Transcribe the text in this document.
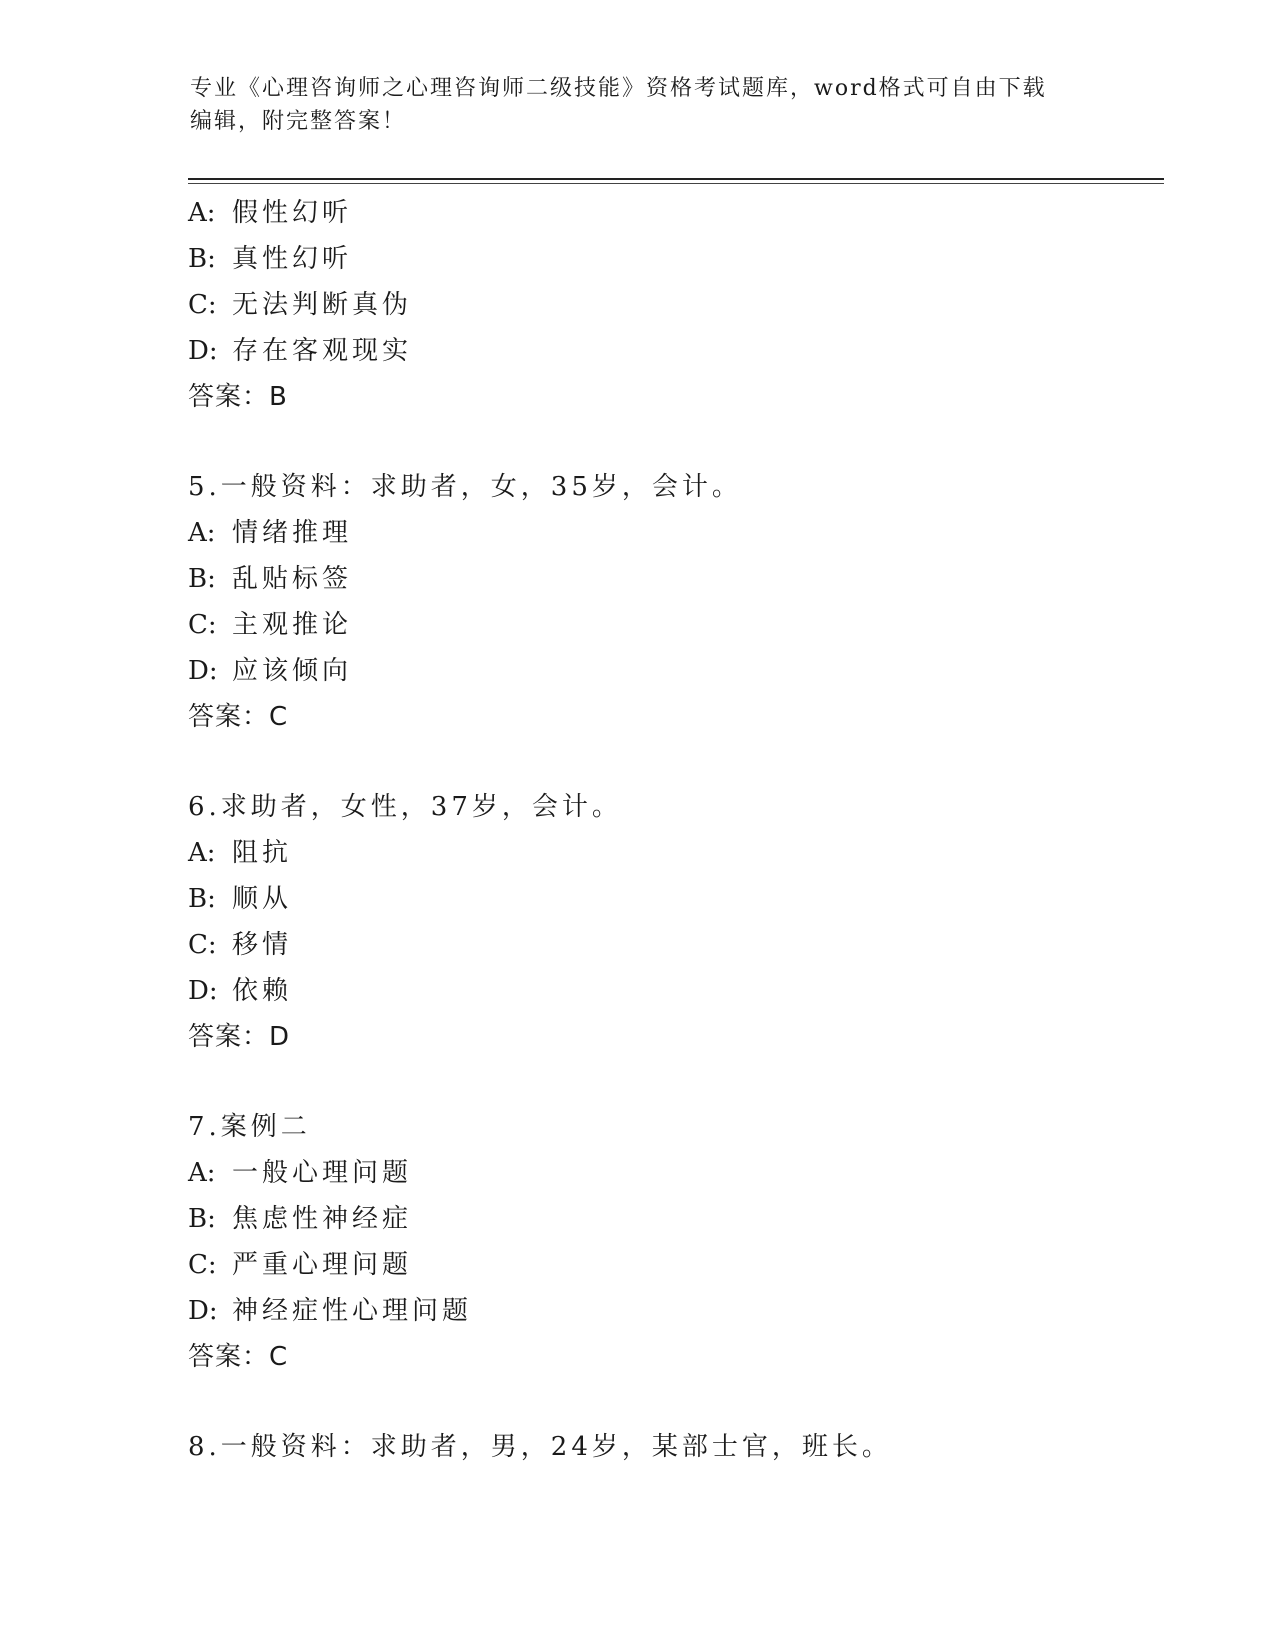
专业《心理咨询师之心理咨询师二级技能》资格考试题库，word格式可自由下载
编辑，附完整答案！
A: 假性幻听
B: 真性幻听
C: 无法判断真伪
D: 存在客观现实
答案：B
5.一般资料：求助者，女，35岁，会计。
A: 情绪推理
B: 乱贴标签
C: 主观推论
D: 应该倾向
答案：C
6.求助者，女性，37岁，会计。
A: 阻抗
B: 顺从
C: 移情
D: 依赖
答案：D
7.案例二
A: 一般心理问题
B: 焦虑性神经症
C: 严重心理问题
D: 神经症性心理问题
答案：C
8.一般资料：求助者，男，24岁，某部士官，班长。
